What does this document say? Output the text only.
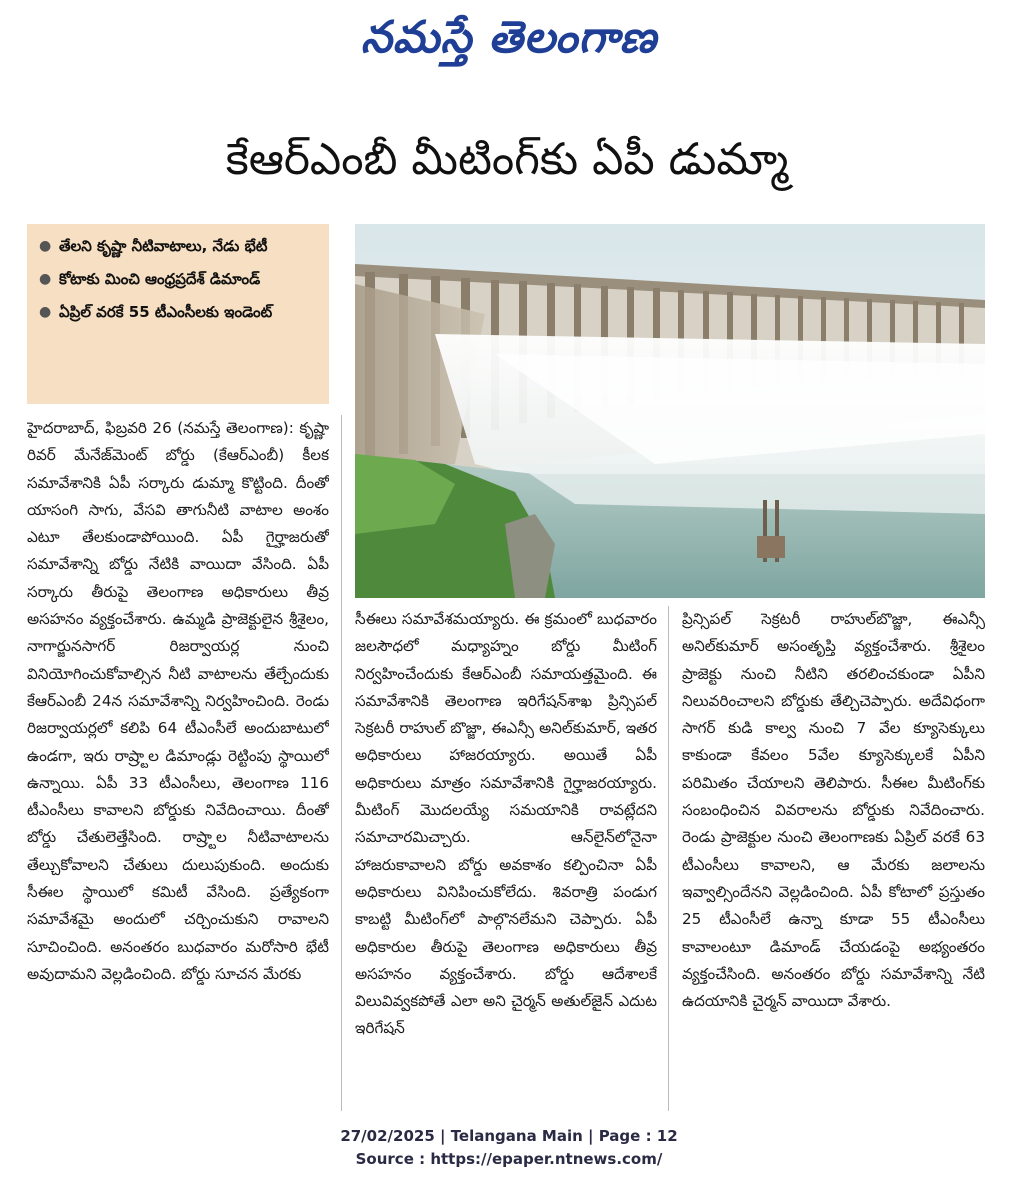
నమస్తే తెలంగాణ
కేఆర్ఎంబీ మీటింగ్‌కు ఏపీ డుమ్మా
● తేలని కృష్ణా నీటివాటాలు, నేడు భేటీ
● కోటాకు మించి ఆంధ్రప్రదేశ్ డిమాండ్
● ఏప్రిల్ వరకే 55 టీఎంసీలకు ఇండెంట్
హైదరాబాద్, ఫిబ్రవరి 26 (నమస్తే తెలంగాణ): కృష్ణా రివర్ మేనేజ్‌మెంట్ బోర్డు (కేఆర్ఎంబీ) కీలక సమావేశానికి ఏపీ సర్కారు డుమ్మా కొట్టింది. దీంతో యాసంగి సాగు, వేసవి తాగునీటి వాటాల అంశం ఎటూ తేలకుండాపోయింది. ఏపీ గైర్హాజరుతో సమావేశాన్ని బోర్డు నేటికి వాయిదా వేసింది. ఏపీ సర్కారు తీరుపై తెలంగాణ అధికారులు తీవ్ర అసహనం వ్యక్తంచేశారు. ఉమ్మడి ప్రాజెక్టులైన శ్రీశైలం, నాగార్జునసాగర్ రిజర్వాయర్ల నుంచి వినియోగించుకోవాల్సిన నీటి వాటాలను తేల్చేందుకు కేఆర్ఎంబీ 24న సమావేశాన్ని నిర్వహించింది. రెండు రిజర్వాయర్లలో కలిపి 64 టీఎంసీలే అందుబాటులో ఉండగా, ఇరు రాష్ర్టాల డిమాండ్లు రెట్టింపు స్థాయిలో ఉన్నాయి. ఏపీ 33 టీఎంసీలు, తెలంగాణ 116 టీఎంసీలు కావాలని బోర్డుకు నివేదించాయి. దీంతో బోర్డు చేతులెత్తేసింది. రాష్ర్టాల నీటివాటాలను తేల్చుకోవాలని చేతులు దులుపుకుంది. అందుకు సీఈల స్థాయిలో కమిటీ వేసింది. ప్రత్యేకంగా సమావేశమై అందులో చర్చించుకుని రావాలని సూచించింది. అనంతరం బుధవారం మరోసారి భేటీ అవుదామని వెల్లడించింది. బోర్డు సూచన మేరకు
సీఈలు సమావేశమయ్యారు. ఈ క్రమంలో బుధవారం జలసౌధలో మధ్యాహ్నం బోర్డు మీటింగ్ నిర్వహించేందుకు కేఆర్ఎంబీ సమాయత్తమైంది. ఈ సమావేశానికి తెలంగాణ ఇరిగేషన్‌శాఖ ప్రిన్సిపల్ సెక్రటరీ రాహుల్ బొజ్జా, ఈఎన్సీ అనిల్‌కుమార్, ఇతర అధికారులు హాజరయ్యారు. అయితే ఏపీ అధికారులు మాత్రం సమావేశానికి గైర్హాజరయ్యారు. మీటింగ్ మొదలయ్యే సమయానికి రావట్లేదని సమాచారమిచ్చారు. ఆన్‌లైన్‌లోనైనా హాజరుకావాలని బోర్డు అవకాశం కల్పించినా ఏపీ అధికారులు వినిపించుకోలేదు. శివరాత్రి పండుగ కాబట్టి మీటింగ్‌లో పాల్గొనలేమని చెప్పారు. ఏపీ అధికారుల తీరుపై తెలంగాణ అధికారులు తీవ్ర అసహనం వ్యక్తంచేశారు. బోర్డు ఆదేశాలకే విలువివ్వకపోతే ఎలా అని చైర్మన్ అతుల్‌జైన్ ఎదుట ఇరిగేషన్
ప్రిన్సిపల్ సెక్రటరీ రాహుల్‌బొజ్జా, ఈఎన్సీ అనిల్‌కుమార్ అసంతృప్తి వ్యక్తంచేశారు. శ్రీశైలం ప్రాజెక్టు నుంచి నీటిని తరలించకుండా ఏపీని నిలువరించాలని బోర్డుకు తేల్చిచెప్పారు. అదేవిధంగా సాగర్ కుడి కాల్వ నుంచి 7 వేల క్యూసెక్కులు కాకుండా కేవలం 5వేల క్యూసెక్కులకే ఏపీని పరిమితం చేయాలని తెలిపారు. సీఈల మీటింగ్‌కు సంబంధించిన వివరాలను బోర్డుకు నివేదించారు. రెండు ప్రాజెక్టుల నుంచి తెలంగాణకు ఏప్రిల్ వరకే 63 టీఎంసీలు కావాలని, ఆ మేరకు జలాలను ఇవ్వాల్సిందేనని వెల్లడించింది. ఏపీ కోటాలో ప్రస్తుతం 25 టీఎంసీలే ఉన్నా కూడా 55 టీఎంసీలు కావాలంటూ డిమాండ్ చేయడంపై అభ్యంతరం వ్యక్తంచేసింది. అనంతరం బోర్డు సమావేశాన్ని నేటి ఉదయానికి చైర్మన్ వాయిదా వేశారు.
27/02/2025 | Telangana Main | Page : 12
Source : https://epaper.ntnews.com/
